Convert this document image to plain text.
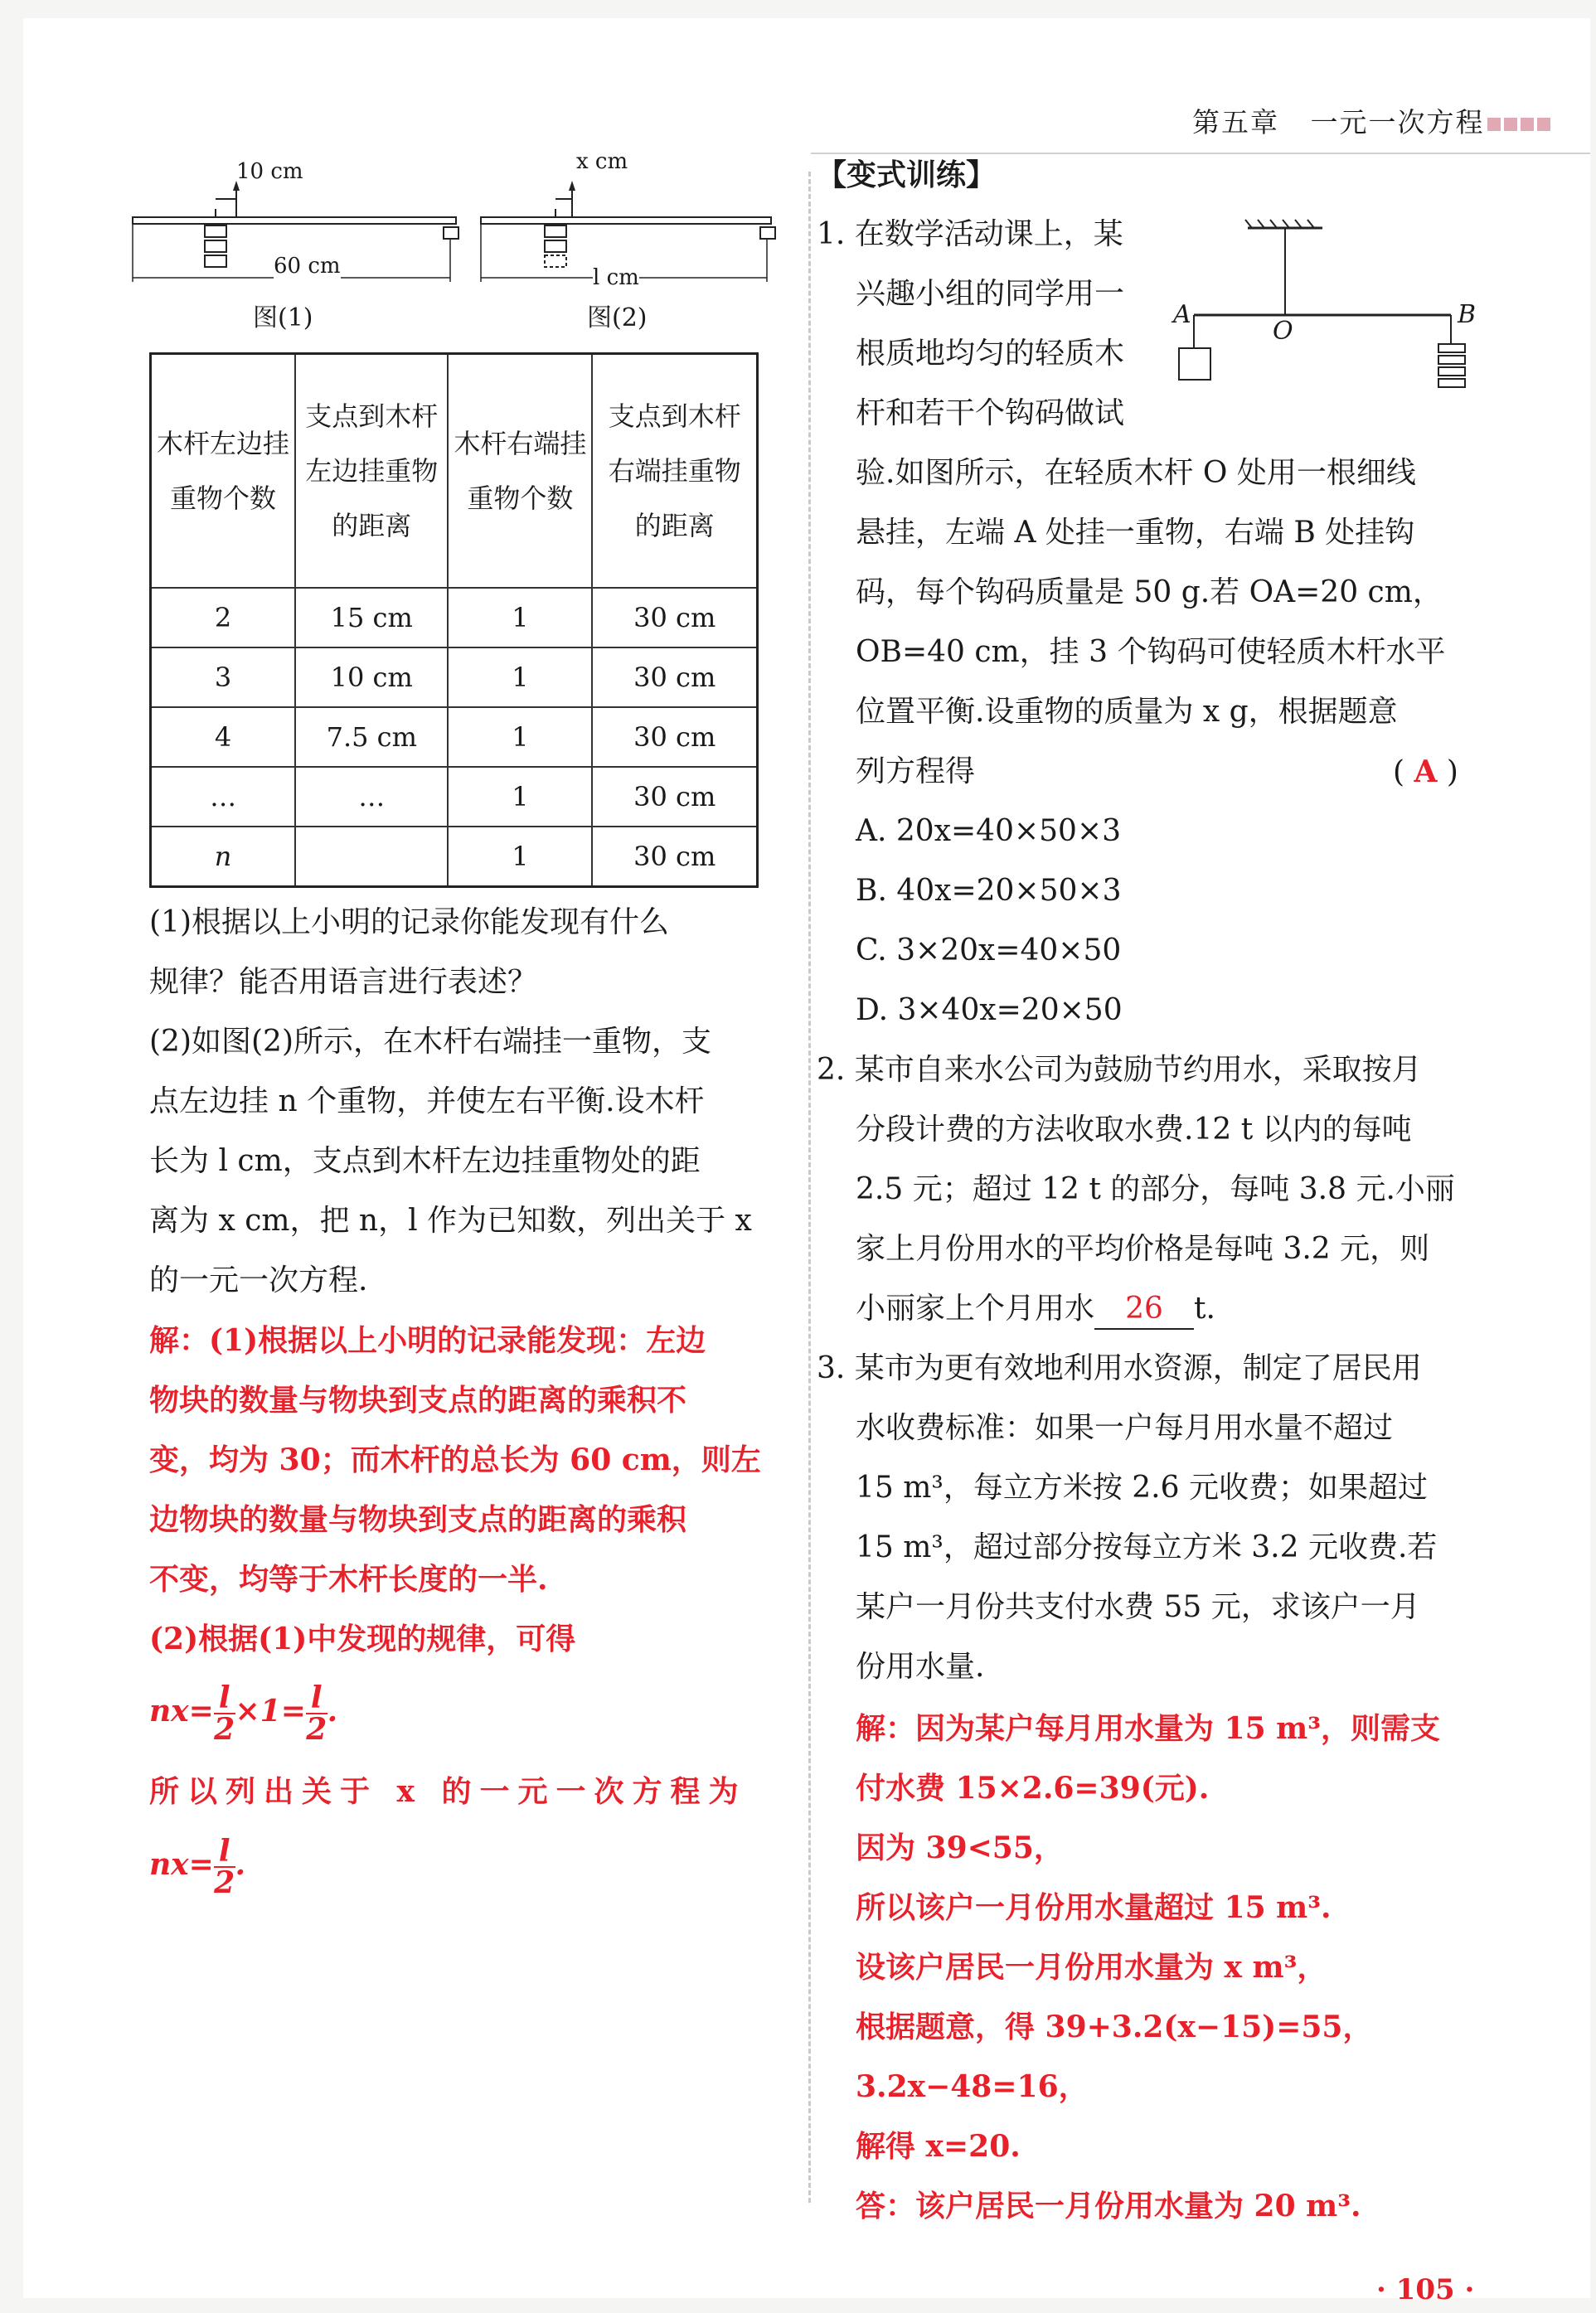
第五章 一元一次方程
10 cm
60 cm
图(1)
x cm
l cm
图(2)
木杆左边挂重物个数	支点到木杆左边挂重物的距离	木杆右端挂重物个数	支点到木杆右端挂重物的距离
2	15 cm	1	30 cm
3	10 cm	1	30 cm
4	7.5 cm	1	30 cm
…	…	1	30 cm
n		1	30 cm
(1)根据以上小明的记录你能发现有什么
规律？能否用语言进行表述？
(2)如图(2)所示，在木杆右端挂一重物，支
点左边挂 n 个重物，并使左右平衡.设木杆
长为 l cm，支点到木杆左边挂重物处的距
离为 x cm，把 n，l 作为已知数，列出关于 x
的一元一次方程.
解：(1)根据以上小明的记录能发现：左边
物块的数量与物块到支点的距离的乘积不
变，均为 30；而木杆的总长为 60 cm，则左
边物块的数量与物块到支点的距离的乘积
不变，均等于木杆长度的一半.
(2)根据(1)中发现的规律，可得
$nx= \frac{l}{2} \times 1= \frac{l}{2}$ .
所以列出关于 x 的一元一次方程为
$nx= \frac{l}{2}$ .
【变式训练】
1. 在数学活动课上，某
兴趣小组的同学用一
根质地均匀的轻质木
杆和若干个钩码做试
验.如图所示，在轻质木杆 O 处用一根细线
悬挂，左端 A 处挂一重物，右端 B 处挂钩
码，每个钩码质量是 50 g.若 OA=20 cm，
OB=40 cm，挂 3 个钩码可使轻质木杆水平
位置平衡.设重物的质量为 x g，根据题意
列方程得	( A )
A
O
B
A. 20x=40×50×3
B. 40x=20×50×3
C. 3×20x=40×50
D. 3×40x=20×50
2. 某市自来水公司为鼓励节约用水，采取按月
分段计费的方法收取水费.12 t 以内的每吨
2.5 元；超过 12 t 的部分，每吨 3.8 元.小丽
家上月份用水的平均价格是每吨 3.2 元，则
小丽家上个月用水 26 t.
3. 某市为更有效地利用水资源，制定了居民用
水收费标准：如果一户每月用水量不超过
15 m³，每立方米按 2.6 元收费；如果超过
15 m³，超过部分按每立方米 3.2 元收费.若
某户一月份共支付水费 55 元，求该户一月
份用水量.
解：因为某户每月用水量为 15 m³，则需支
付水费 15×2.6=39(元).
因为 39<55，
所以该户一月份用水量超过 15 m³.
设该户居民一月份用水量为 x m³，
根据题意，得 39+3.2(x−15)=55，
3.2x−48=16，
解得 x=20.
答：该户居民一月份用水量为 20 m³.
· 105 ·
